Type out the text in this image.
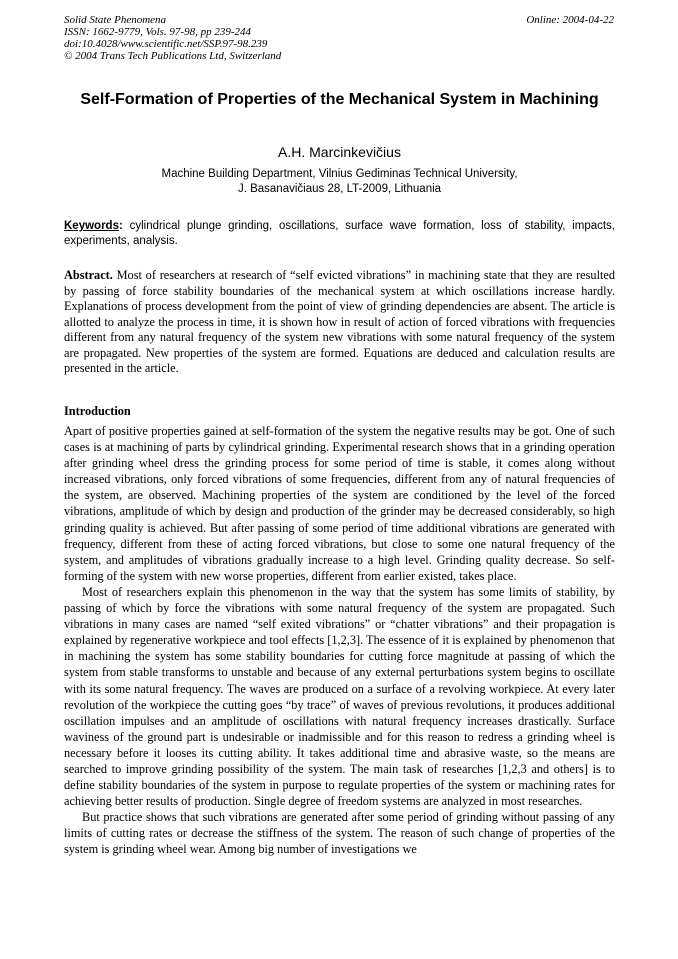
Solid State Phenomena
ISSN: 1662-9779, Vols. 97-98, pp 239-244
doi:10.4028/www.scientific.net/SSP.97-98.239
© 2004 Trans Tech Publications Ltd, Switzerland
Online: 2004-04-22
Self-Formation of Properties of the Mechanical System in Machining
A.H. Marcinkevičius
Machine Building Department, Vilnius Gediminas Technical University,
J. Basanavičiaus 28, LT-2009, Lithuania
Keywords: cylindrical plunge grinding, oscillations, surface wave formation, loss of stability, impacts, experiments, analysis.
Abstract. Most of researchers at research of “self evicted vibrations” in machining state that they are resulted by passing of force stability boundaries of the mechanical system at which oscillations increase hardly. Explanations of process development from the point of view of grinding dependencies are absent. The article is allotted to analyze the process in time, it is shown how in result of action of forced vibrations with frequencies different from any natural frequency of the system new vibrations with some natural frequency of the system are propagated. New properties of the system are formed. Equations are deduced and calculation results are presented in the article.
Introduction

Apart of positive properties gained at self-formation of the system the negative results may be got. One of such cases is at machining of parts by cylindrical grinding. Experimental research shows that in a grinding operation after grinding wheel dress the grinding process for some period of time is stable, it comes along without increased vibrations, only forced vibrations of some frequencies, different from any of natural frequencies of the system, are observed. Machining properties of the system are conditioned by the level of the forced vibrations, amplitude of which by design and production of the grinder may be decreased considerably, so high grinding quality is achieved. But after passing of some period of time additional vibrations are generated with frequency, different from these of acting forced vibrations, but close to some one natural frequency of the system, and amplitudes of vibrations gradually increase to a high level. Grinding quality decrease. So self-forming of the system with new worse properties, different from earlier existed, takes place.

Most of researchers explain this phenomenon in the way that the system has some limits of stability, by passing of which by force the vibrations with some natural frequency of the system are propagated. Such vibrations in many cases are named “self exited vibrations” or “chatter vibrations” and their propagation is explained by regenerative workpiece and tool effects [1,2,3]. The essence of it is explained by phenomenon that in machining the system has some stability boundaries for cutting force magnitude at passing of which the system from stable transforms to unstable and because of any external perturbations system begins to oscillate with its some natural frequency. The waves are produced on a surface of a revolving workpiece. At every later revolution of the workpiece the cutting goes “by trace” of waves of previous revolutions, it produces additional oscillation impulses and an amplitude of oscillations with natural frequency increases drastically. Surface waviness of the ground part is undesirable or inadmissible and for this reason to redress a grinding wheel is necessary before it looses its cutting ability. It takes additional time and abrasive waste, so the means are searched to improve grinding possibility of the system. The main task of researches [1,2,3 and others] is to define stability boundaries of the system in purpose to regulate properties of the system or machining rates for achieving better results of production. Single degree of freedom systems are analyzed in most researches.

But practice shows that such vibrations are generated after some period of grinding without passing of any limits of cutting rates or decrease the stiffness of the system. The reason of such change of properties of the system is grinding wheel wear. Among big number of investigations we
